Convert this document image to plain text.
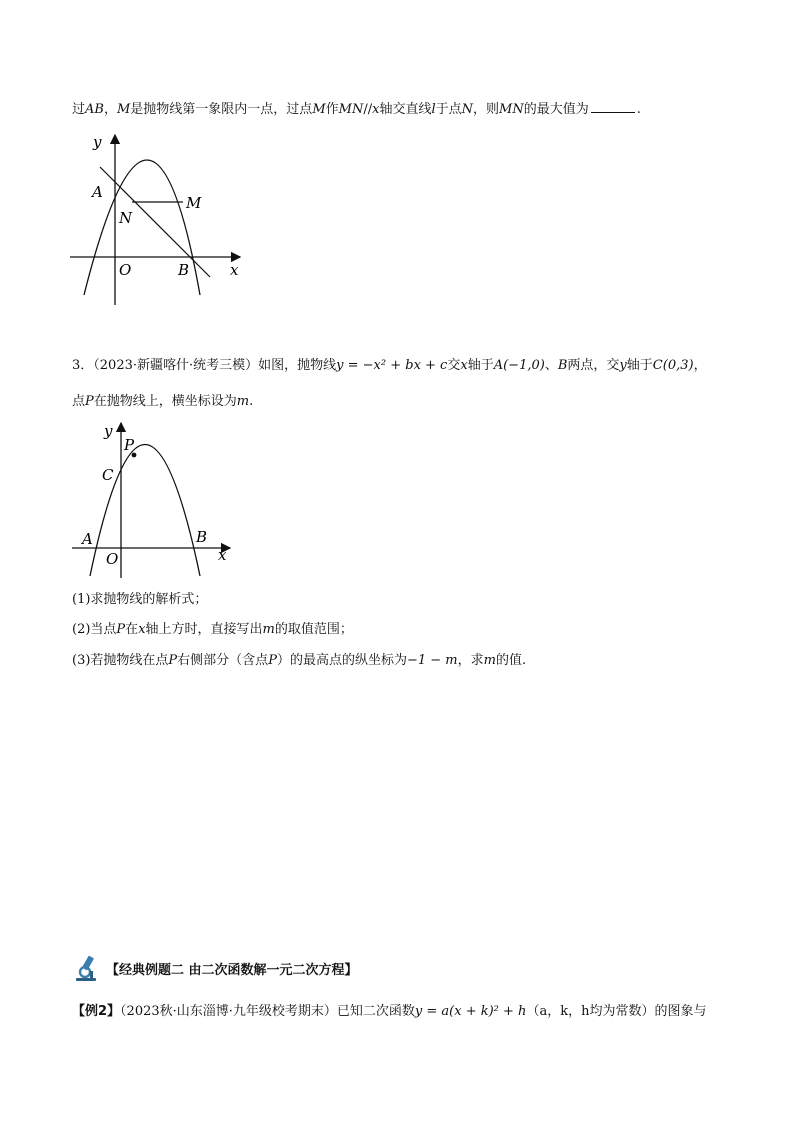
过AB，M是抛物线第一象限内一点，过点M作MN//x轴交直线l于点N，则MN的最大值为	.
y
A
N
M
O	B	x
3．（2023·新疆喀什·统考三模）如图，抛物线y = −x² + bx + c交x轴于A(−1,0)、B两点，交y轴于C(0,3)，
点P在抛物线上，横坐标设为m.
y
P
C
A
O
B
x
(1)求抛物线的解析式；
(2)当点P在x轴上方时，直接写出m的取值范围；
(3)若抛物线在点P右侧部分（含点P）的最高点的纵坐标为−1 − m，求m的值.
【经典例题二 由二次函数解一元二次方程】
【例2】（2023秋·山东淄博·九年级校考期末）已知二次函数y = a(x + k)² + h（a，k，h均为常数）的图象与
